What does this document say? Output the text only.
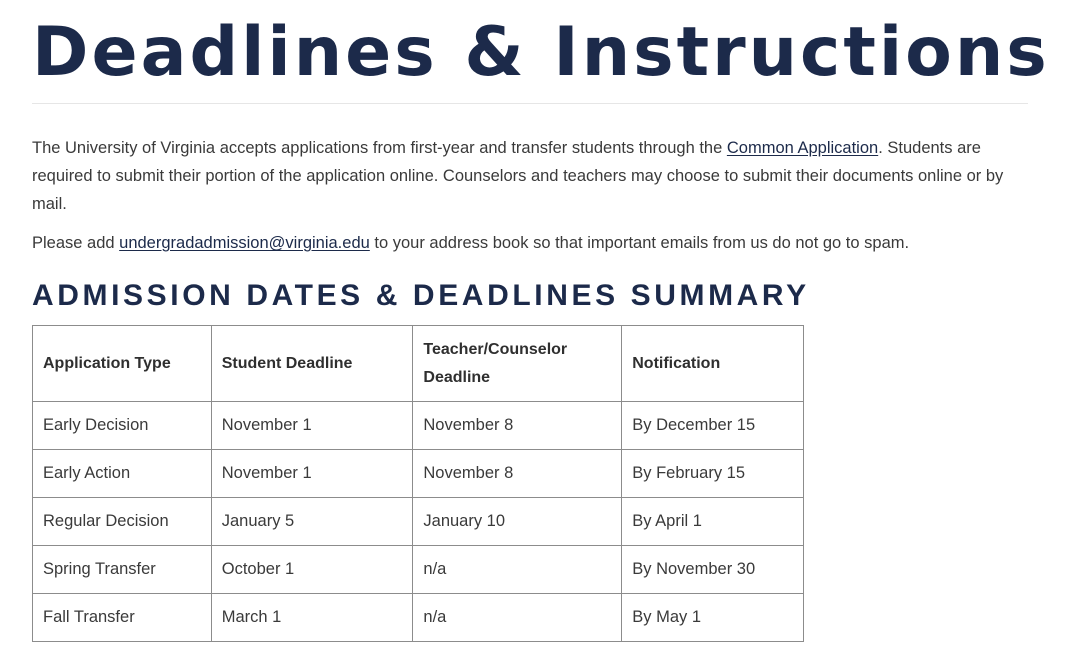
Deadlines & Instructions

The University of Virginia accepts applications from first-year and transfer students through the Common Application. Students are required to submit their portion of the application online. Counselors and teachers may choose to submit their documents online or by mail.

Please add undergradadmission@virginia.edu to your address book so that important emails from us do not go to spam.

ADMISSION DATES & DEADLINES SUMMARY
Application Type	Student Deadline	Teacher/Counselor Deadline	Notification
Early Decision	November 1	November 8	By December 15
Early Action	November 1	November 8	By February 15
Regular Decision	January 5	January 10	By April 1
Spring Transfer	October 1	n/a	By November 30
Fall Transfer	March 1	n/a	By May 1
